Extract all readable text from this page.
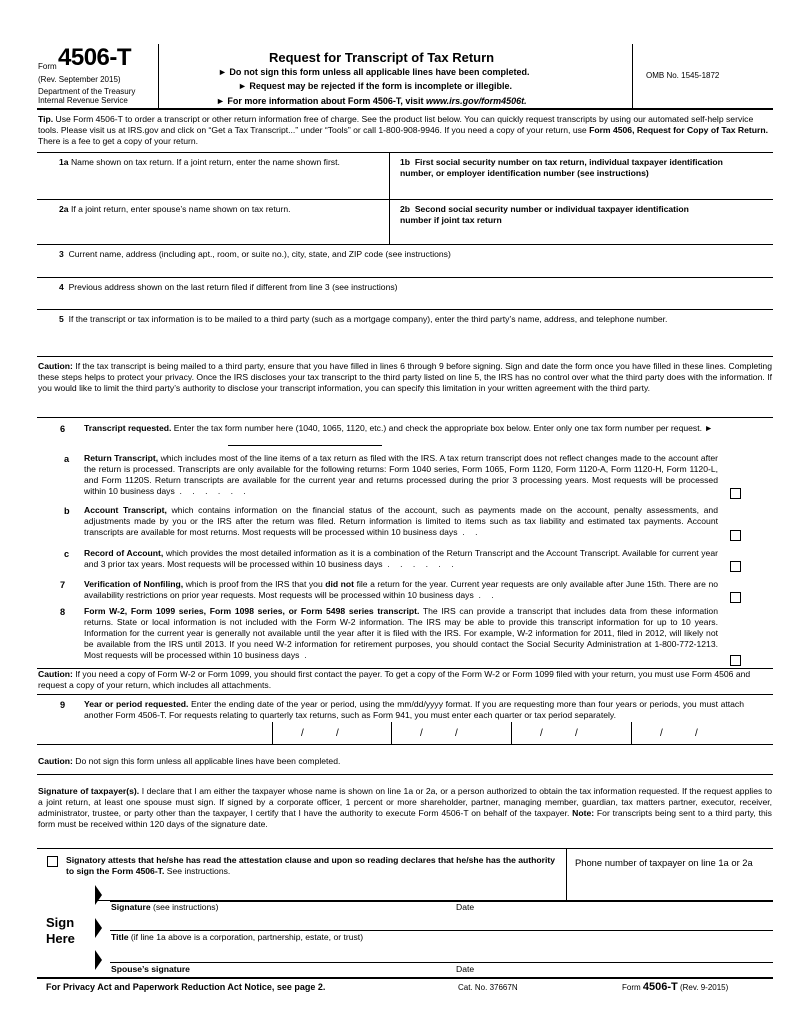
Form 4506-T
(Rev. September 2015)
Department of the Treasury
Internal Revenue Service
Request for Transcript of Tax Return
► Do not sign this form unless all applicable lines have been completed.
► Request may be rejected if the form is incomplete or illegible.
► For more information about Form 4506-T, visit www.irs.gov/form4506t.
OMB No. 1545-1872
Tip. Use Form 4506-T to order a transcript or other return information free of charge. See the product list below. You can quickly request transcripts by using our automated self-help service tools. Please visit us at IRS.gov and click on “Get a Tax Transcript...” under “Tools” or call 1-800-908-9946. If you need a copy of your return, use Form 4506, Request for Copy of Tax Return. There is a fee to get a copy of your return.
1a Name shown on tax return. If a joint return, enter the name shown first.	1b First social security number on tax return, individual taxpayer identification number, or employer identification number (see instructions)
2a If a joint return, enter spouse’s name shown on tax return.	2b Second social security number or individual taxpayer identification number if joint tax return
3 Current name, address (including apt., room, or suite no.), city, state, and ZIP code (see instructions)
4 Previous address shown on the last return filed if different from line 3 (see instructions)
5 If the transcript or tax information is to be mailed to a third party (such as a mortgage company), enter the third party’s name, address, and telephone number.
Caution: If the tax transcript is being mailed to a third party, ensure that you have filled in lines 6 through 9 before signing. Sign and date the form once you have filled in these lines. Completing these steps helps to protect your privacy. Once the IRS discloses your tax transcript to the third party listed on line 5, the IRS has no control over what the third party does with the information. If you would like to limit the third party’s authority to disclose your transcript information, you can specify this limitation in your written agreement with the third party.
6 Transcript requested. Enter the tax form number here (1040, 1065, 1120, etc.) and check the appropriate box below. Enter only one tax form number per request. ►
a Return Transcript, which includes most of the line items of a tax return as filed with the IRS. A tax return transcript does not reflect changes made to the account after the return is processed. Transcripts are only available for the following returns: Form 1040 series, Form 1065, Form 1120, Form 1120-A, Form 1120-H, Form 1120-L, and Form 1120S. Return transcripts are available for the current year and returns processed during the prior 3 processing years. Most requests will be processed within 10 business days . . . . . .
b Account Transcript, which contains information on the financial status of the account, such as payments made on the account, penalty assessments, and adjustments made by you or the IRS after the return was filed. Return information is limited to items such as tax liability and estimated tax payments. Account transcripts are available for most returns. Most requests will be processed within 10 business days . .
c Record of Account, which provides the most detailed information as it is a combination of the Return Transcript and the Account Transcript. Available for current year and 3 prior tax years. Most requests will be processed within 10 business days . . . . . .
7 Verification of Nonfiling, which is proof from the IRS that you did not file a return for the year. Current year requests are only available after June 15th. There are no availability restrictions on prior year requests. Most requests will be processed within 10 business days . .
8 Form W-2, Form 1099 series, Form 1098 series, or Form 5498 series transcript. The IRS can provide a transcript that includes data from these information returns. State or local information is not included with the Form W-2 information. The IRS may be able to provide this transcript information for up to 10 years. Information for the current year is generally not available until the year after it is filed with the IRS. For example, W-2 information for 2011, filed in 2012, will likely not be available from the IRS until 2013. If you need W-2 information for retirement purposes, you should contact the Social Security Administration at 1-800-772-1213. Most requests will be processed within 10 business days .
Caution: If you need a copy of Form W-2 or Form 1099, you should first contact the payer. To get a copy of the Form W-2 or Form 1099 filed with your return, you must use Form 4506 and request a copy of your return, which includes all attachments.
9 Year or period requested. Enter the ending date of the year or period, using the mm/dd/yyyy format. If you are requesting more than four years or periods, you must attach another Form 4506-T. For requests relating to quarterly tax returns, such as Form 941, you must enter each quarter or tax period separately.
/	/	/	/	/	/	/	/
Caution: Do not sign this form unless all applicable lines have been completed.
Signature of taxpayer(s). I declare that I am either the taxpayer whose name is shown on line 1a or 2a, or a person authorized to obtain the tax information requested. If the request applies to a joint return, at least one spouse must sign. If signed by a corporate officer, 1 percent or more shareholder, partner, managing member, guardian, tax matters partner, executor, receiver, administrator, trustee, or party other than the taxpayer, I certify that I have the authority to execute Form 4506-T on behalf of the taxpayer. Note: For transcripts being sent to a third party, this form must be received within 120 days of the signature date.
Signatory attests that he/she has read the attestation clause and upon so reading declares that he/she has the authority to sign the Form 4506-T. See instructions.
Phone number of taxpayer on line 1a or 2a
Sign
Here
Signature (see instructions)	Date
Title (if line 1a above is a corporation, partnership, estate, or trust)
Spouse’s signature	Date
For Privacy Act and Paperwork Reduction Act Notice, see page 2.	Cat. No. 37667N	Form 4506-T (Rev. 9-2015)
